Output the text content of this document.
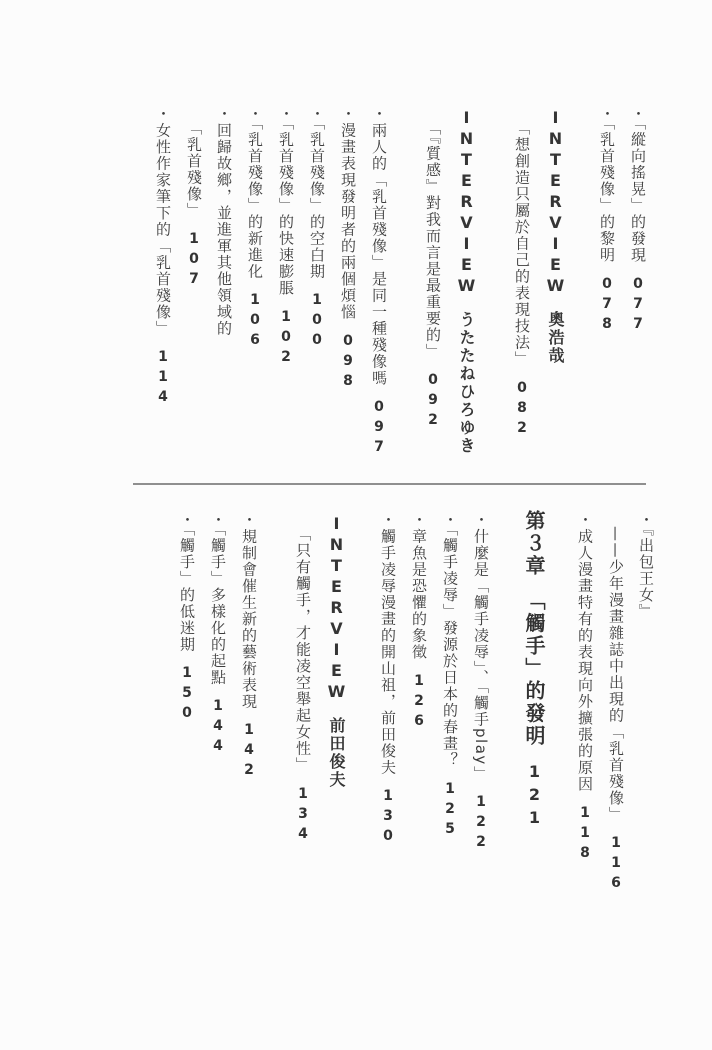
・「縱向搖晃」的發現077
・「乳首殘像」的黎明078
INTERVIEW奧浩哉
「想創造只屬於自己的表現技法」082
INTERVIEWうたたねひろゆき
「『質感』對我而言是最重要的」092
・兩人的「乳首殘像」是同一種殘像嗎097
・漫畫表現發明者的兩個煩惱098
・「乳首殘像」的空白期100
・「乳首殘像」的快速膨脹102
・「乳首殘像」的新進化106
・回歸故鄉，並進軍其他領域的
「乳首殘像」107
・女性作家筆下的「乳首殘像」114
・『出包王女』
——少年漫畫雜誌中出現的「乳首殘像」116
・成人漫畫特有的表現向外擴張的原因118
第３章　「觸手」的發明121
・什麼是「觸手凌辱」、「觸手play」122
・「觸手凌辱」發源於日本的春畫？125
・章魚是恐懼的象徵126
・觸手凌辱漫畫的開山祖，前田俊夫130
INTERVIEW前田俊夫
「只有觸手，才能凌空舉起女性」134
・規制會催生新的藝術表現142
・「觸手」多樣化的起點144
・「觸手」的低迷期150
